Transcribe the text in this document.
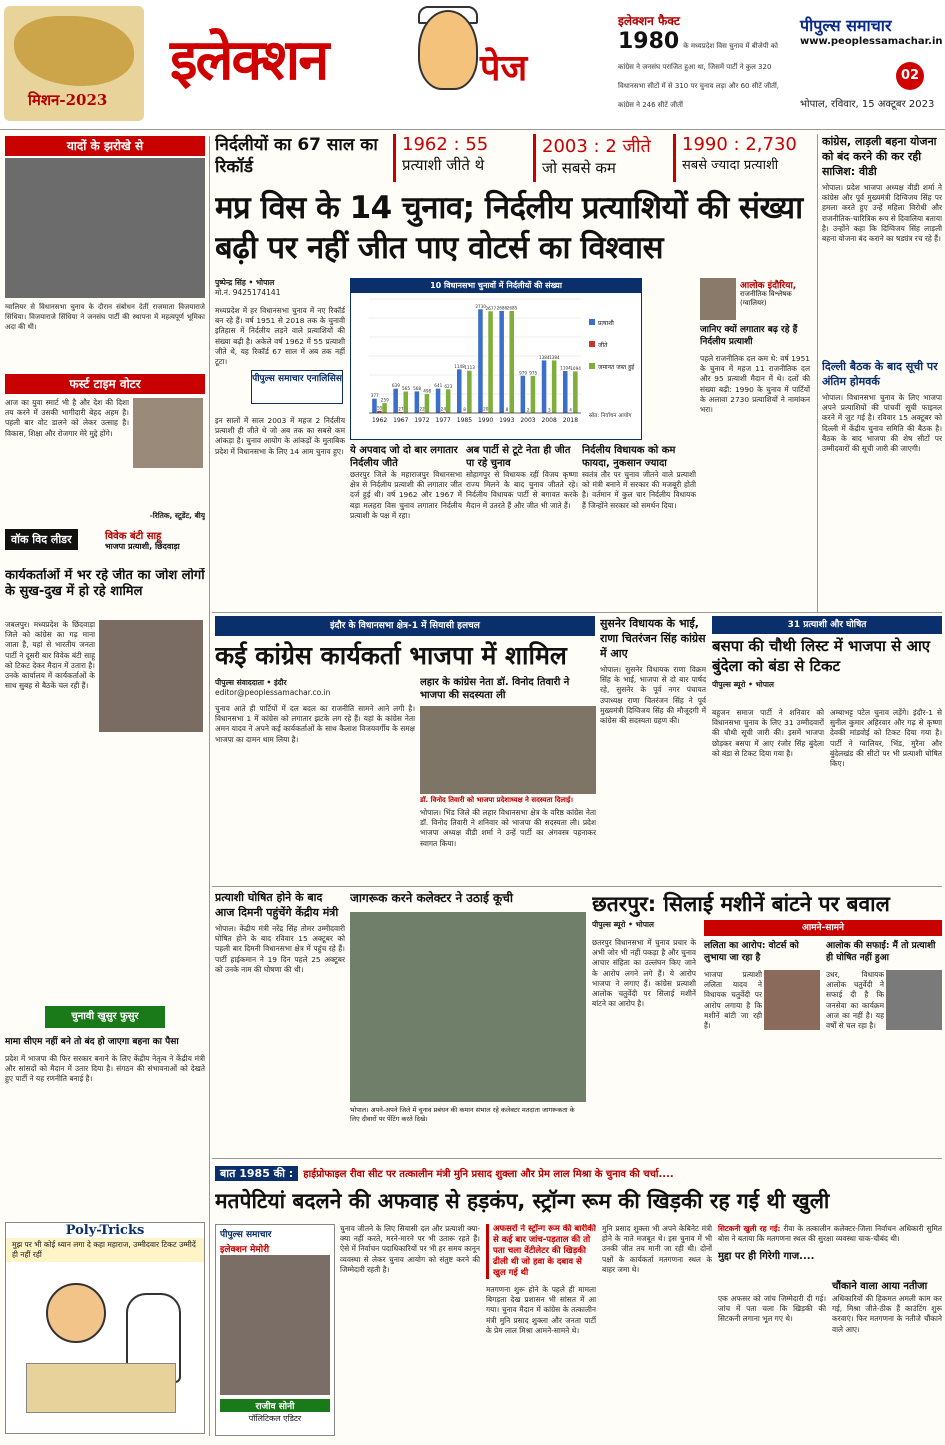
मिशन-2023
इलेक्शन	पेज
इलेक्शन फैक्ट
1980 के मध्यप्रदेश विस चुनाव में बीजेपी को कांग्रेस ने जनसंघ पराजित हुआ था, जिसमें पार्टी ने कुल 320 विधानसभा सीटों में से 310 पर चुनाव लड़ा और 60 सीटें जीतीं, कांग्रेस ने 246 सीटें जीतीं
पीपुल्स समाचार
www.peoplessamachar.in
02
भोपाल, रविवार, 15 अक्टूबर 2023
यादों के झरोखे से
ग्वालियर से विधानसभा चुनाव के दौरान संबोधन देतीं राजमाता विजयाराजे सिंधिया। विजयाराजे सिंधिया ने जनसंघ पार्टी की स्थापना में महत्वपूर्ण भूमिका अदा की थी।
फर्स्ट टाइम वोटर
आज का युवा स्मार्ट भी है और देश की दिशा तय करने में उसकी भागीदारी बेहद अहम है। पहली बार वोट डालने को लेकर उत्साह है। विकास, शिक्षा और रोजगार मेरे मुद्दे होंगे।
-रितिक, स्टूडेंट, बीयू
वॉक विद लीडर	विवेक बंटी साहू
भाजपा प्रत्याशी, छिंदवाड़ा
कार्यकर्ताओं में भर रहे जीत का जोश लोगों के सुख-दुख में हो रहे शामिल
जबलपुर। मध्यप्रदेश के छिंदवाड़ा जिले को कांग्रेस का गढ़ माना जाता है, यहां से भारतीय जनता पार्टी ने दूसरी बार विवेक बंटी साहू को टिकट देकर मैदान में उतारा है। उनके कार्यालय में कार्यकर्ताओं के साथ सुबह से बैठकें चल रही हैं।
चुनावी खुसुर फुसुर
मामा सीएम नहीं बने तो बंद हो जाएगा बहना का पैसा
प्रदेश में भाजपा की फिर सरकार बनाने के लिए केंद्रीय नेतृत्व ने केंद्रीय मंत्री और सांसदों को मैदान में उतार दिया है। संगठन की संभावनाओं को देखते हुए पार्टी ने यह रणनीति बनाई है।
Poly-Tricks
मुझ पर भी कोई ध्यान लगा दे कहा महाराज, उम्मीदवार टिकट उम्मीदें ही नहीं रहीं
निर्दलीयों का 67 साल का रिकॉर्ड
1962 : 55
प्रत्याशी जीते थे
2003 : 2 जीते
जो सबसे कम
1990 : 2,730
सबसे ज्यादा प्रत्याशी
मप्र विस के 14 चुनाव; निर्दलीय प्रत्याशियों की संख्या बढ़ी पर नहीं जीत पाए वोटर्स का विश्वास
पुष्पेन्द्र सिंह • भोपाल
मो.नं. 9425174141
मध्यप्रदेश में हर विधानसभा चुनाव में नए रिकॉर्ड बन रहे हैं। वर्ष 1951 से 2018 तक के चुनावी इतिहास में निर्दलीय लड़ने वाले प्रत्याशियों की संख्या बढ़ी है। अकेले वर्ष 1962 में 55 प्रत्याशी जीते थे, यह रिकॉर्ड 67 साल में अब तक नहीं टूटा।
पीपुल्स समाचार एनालिसिस
इन सालों में साल 2003 में महज 2 निर्दलीय प्रत्याशी ही जीते थे जो अब तक का सबसे कम आंकड़ा है। चुनाव आयोग के आंकड़ों के मुताबिक प्रदेश में विधानसभा के लिए 14 आम चुनाव हुए।
10 विधानसभा चुनावों में निर्दलीयों की संख्या
377
55
259
1962
639
27
565
1967
568
22
498
1972
641
24
623
1977
1148
8
1113
1985
2730
20
2677
1990
2686
8
2685
1993
979
2
975
2003
1384
3
1384
2008
1104
4
1094
2018
प्रत्याशी
जीते
जमानत जब्त हुई
स्रोत: निर्वाचन आयोग
आलोक इंदौरिया,
राजनीतिक विश्लेषक (ग्वालियर)
जानिए क्यों लगातार बढ़ रहे हैं निर्दलीय प्रत्याशी
पहले राजनीतिक दल कम थे: वर्ष 1951 के चुनाव में महज 11 राजनीतिक दल और 95 प्रत्याशी मैदान में थे। दलों की संख्या बढ़ी: 1990 के चुनाव में पार्टियों के अलावा 2730 प्रत्याशियों ने नामांकन भरा।
ये अपवाद जो दो बार लगातार निर्दलीय जीते
छतरपुर जिले के महाराजपुर विधानसभा क्षेत्र से निर्दलीय प्रत्याशी की लगातार जीत दर्ज हुई थी। वर्ष 1962 और 1967 में बड़ा मलहरा विस चुनाव लगातार निर्दलीय प्रत्याशी के पक्ष में रहा।
अब पार्टी से टूटे नेता ही जीत पा रहे चुनाव
सोहागपुर से विधायक रहीं विजय कृष्णा राज्य मिलने के बाद चुनाव जीतते रहे। निर्दलीय विधायक पार्टी से बगावत करके मैदान में उतरते हैं और जीत भी जाते हैं।
निर्दलीय विधायक को कम फायदा, नुकसान ज्यादा
स्वतंत्र तौर पर चुनाव जीतने वाले प्रत्याशी को मंत्री बनाने में सरकार की मजबूरी होती है। वर्तमान में कुल चार निर्दलीय विधायक हैं जिन्होंने सरकार को समर्थन दिया।
कांग्रेस, लाड़ली बहना योजना को बंद करने की कर रही साजिश: वीडी
भोपाल। प्रदेश भाजपा अध्यक्ष वीडी शर्मा ने कांग्रेस और पूर्व मुख्यमंत्री दिग्विजय सिंह पर हमला करते हुए उन्हें महिला विरोधी और राजनीतिक-चारित्रिक रूप से दिवालिया बताया है। उन्होंने कहा कि दिग्विजय सिंह लाड़ली बहना योजना बंद कराने का षड्यंत्र रच रहे हैं।
दिल्ली बैठक के बाद सूची पर अंतिम होमवर्क
भोपाल। विधानसभा चुनाव के लिए भाजपा अपने प्रत्याशियों की पांचवीं सूची फाइनल करने में जुट गई है। रविवार 15 अक्टूबर को दिल्ली में केंद्रीय चुनाव समिति की बैठक है। बैठक के बाद भाजपा की शेष सीटों पर उम्मीदवारों की सूची जारी की जाएगी।
इंदौर के विधानसभा क्षेत्र-1 में सियासी हलचल
कई कांग्रेस कार्यकर्ता भाजपा में शामिल
पीपुल्स संवाददाता • इंदौर
editor@peoplessamachar.co.in
चुनाव आते ही पार्टियों में दल बदल का राजनीति सामने आने लगी है। विधानसभा 1 में कांग्रेस को लगातार झटके लग रहे हैं। यहां के कांग्रेस नेता अमन यादव ने अपने कई कार्यकर्ताओं के साथ कैलाश विजयवर्गीय के समक्ष भाजपा का दामन थाम लिया है।
लहार के कांग्रेस नेता डॉ. विनोद तिवारी ने भाजपा की सदस्यता ली
डॉ. विनोद तिवारी को भाजपा प्रदेशाध्यक्ष ने सदस्यता दिलाई।
भोपाल। भिंड जिले की लहार विधानसभा क्षेत्र के वरिष्ठ कांग्रेस नेता डॉ. विनोद तिवारी ने शनिवार को भाजपा की सदस्यता ली। प्रदेश भाजपा अध्यक्ष वीडी शर्मा ने उन्हें पार्टी का अंगवस्त्र पहनाकर स्वागत किया।
सुसनेर विधायक के भाई, राणा चितरंजन सिंह कांग्रेस में आए
भोपाल। सुसनेर विधायक राणा विक्रम सिंह के भाई, भाजपा से दो बार पार्षद रहे, सुसनेर के पूर्व नगर पंचायत उपाध्यक्ष राणा चितरंजन सिंह ने पूर्व मुख्यमंत्री दिग्विजय सिंह की मौजूदगी में कांग्रेस की सदस्यता ग्रहण की।
31 प्रत्याशी और घोषित
बसपा की चौथी लिस्ट में भाजपा से आए बुंदेला को बंडा से टिकट
पीपुल्स ब्यूरो • भोपाल
बहुजन समाज पार्टी ने शनिवार को विधानसभा चुनाव के लिए 31 उम्मीदवारों की चौथी सूची जारी की। इसमें भाजपा छोड़कर बसपा में आए रंजोर सिंह बुंदेला को बंडा से टिकट दिया गया है।
अम्बाभट्ट पटेल चुनाव लड़ेंगे। इंदौर-1 से सुनील कुमार अहिरवार और गढ़ से कृष्णा देवकी मांडवोई को टिकट दिया गया है। पार्टी ने ग्वालियर, भिंड, मुरैना और बुंदेलखंड की सीटों पर भी प्रत्याशी घोषित किए।
प्रत्याशी घोषित होने के बाद आज दिमनी पहुंचेंगे केंद्रीय मंत्री
भोपाल। केंद्रीय मंत्री नरेंद्र सिंह तोमर उम्मीदवारी घोषित होने के बाद रविवार 15 अक्टूबर को पहली बार दिमनी विधानसभा क्षेत्र में पहुंच रहे हैं। पार्टी हाईकमान ने 19 दिन पहले 25 अक्टूबर को उनके नाम की घोषणा की थी।
जागरूक करने कलेक्टर ने उठाई कूची
भोपाल। अपने-अपने जिले में चुनाव प्रबंधन की कमान संभाल रहे कलेक्टर मतदाता जागरूकता के लिए दीवारों पर पेंटिंग करते दिखे।
छतरपुर: सिलाई मशीनें बांटने पर बवाल
पीपुल्स ब्यूरो • भोपाल
छतरपुर विधानसभा में चुनाव प्रचार के अभी जोर भी नहीं पकड़ा है और चुनाव आचार संहिता का उल्लंघन किए जाने के आरोप लगने लगे हैं। ये आरोप भाजपा ने लगाए हैं। कांग्रेस प्रत्याशी आलोक चतुर्वेदी पर सिलाई मशीनें बांटने का आरोप है।
आमने-सामने
ललिता का आरोप: वोटर्स को लुभाया जा रहा है
भाजपा प्रत्याशी ललिता यादव ने विधायक चतुर्वेदी पर आरोप लगाया है कि मशीनें बांटी जा रही हैं।
आलोक की सफाई: मैं तो प्रत्याशी ही घोषित नहीं हुआ
उधर, विधायक आलोक चतुर्वेदी ने सफाई दी है कि जनसेवा का कार्यक्रम आज का नहीं है। यह वर्षों से चल रहा है।
बात 1985 की : हाईप्रोफाइल रीवा सीट पर तत्कालीन मंत्री मुनि प्रसाद शुक्ला और प्रेम लाल मिश्रा के चुनाव की चर्चा....
मतपेटियां बदलने की अफवाह से हड़कंप, स्ट्रॉन्ग रूम की खिड़की रह गई थी खुली
पीपुल्स समाचार
इलेक्शन मेमोरी
राजीव सोनी
पॉलिटिकल एडिटर
चुनाव जीतने के लिए सियासी दल और प्रत्याशी क्या-क्या नहीं करते, मरने-मारने पर भी उतारू रहते हैं। ऐसे में निर्वाचन पदाधिकारियों पर भी हर समय कानून व्यवस्था से लेकर चुनाव आयोग को संतुष्ट करने की जिम्मेदारी रहती है।
अफसरों ने स्ट्रॉन्ग रूम की बारीकी से कई बार जांच-पड़ताल की तो पता चला वेंटीलेटर की खिड़की ढीली थी जो हवा के दबाव से खुल गई थी
मतगणना शुरू होने के पहले ही मामला बिगड़ता देख प्रशासन भी सांसत में आ गया। चुनाव मैदान में कांग्रेस के तत्कालीन मंत्री मुनि प्रसाद शुक्ला और जनता पार्टी के प्रेम लाल मिश्रा आमने-सामने थे।
मुनि प्रसाद शुक्ला भी अपने केबिनेट मंत्री होने के नाते मजबूत थे। इस चुनाव में भी उनकी जीत तय मानी जा रही थी। दोनों पक्षों के कार्यकर्ता मतगणना स्थल के बाहर जमा थे।
सिटकनी खुली रह गई: रीवा के तत्कालीन कलेक्टर-जिला निर्वाचन अधिकारी सुमित बोस ने बताया कि मतगणना स्थल की सुरक्षा व्यवस्था चाक-चौबंद थी।
मुद्दा पर ही गिरेगी गाज....
एक अफसर को जांच जिम्मेदारी दी गई। जांच में पता चला कि खिड़की की सिटकनी लगाना भूल गए थे।
चौंकाने वाला आया नतीजा
अधिकारियों की हिकमत अमली काम कर गई, मिश्रा जीते-ठीक हैं काउंटिंग शुरू करवाएं। फिर मतगणना के नतीजे चौंकाने वाले आए।
